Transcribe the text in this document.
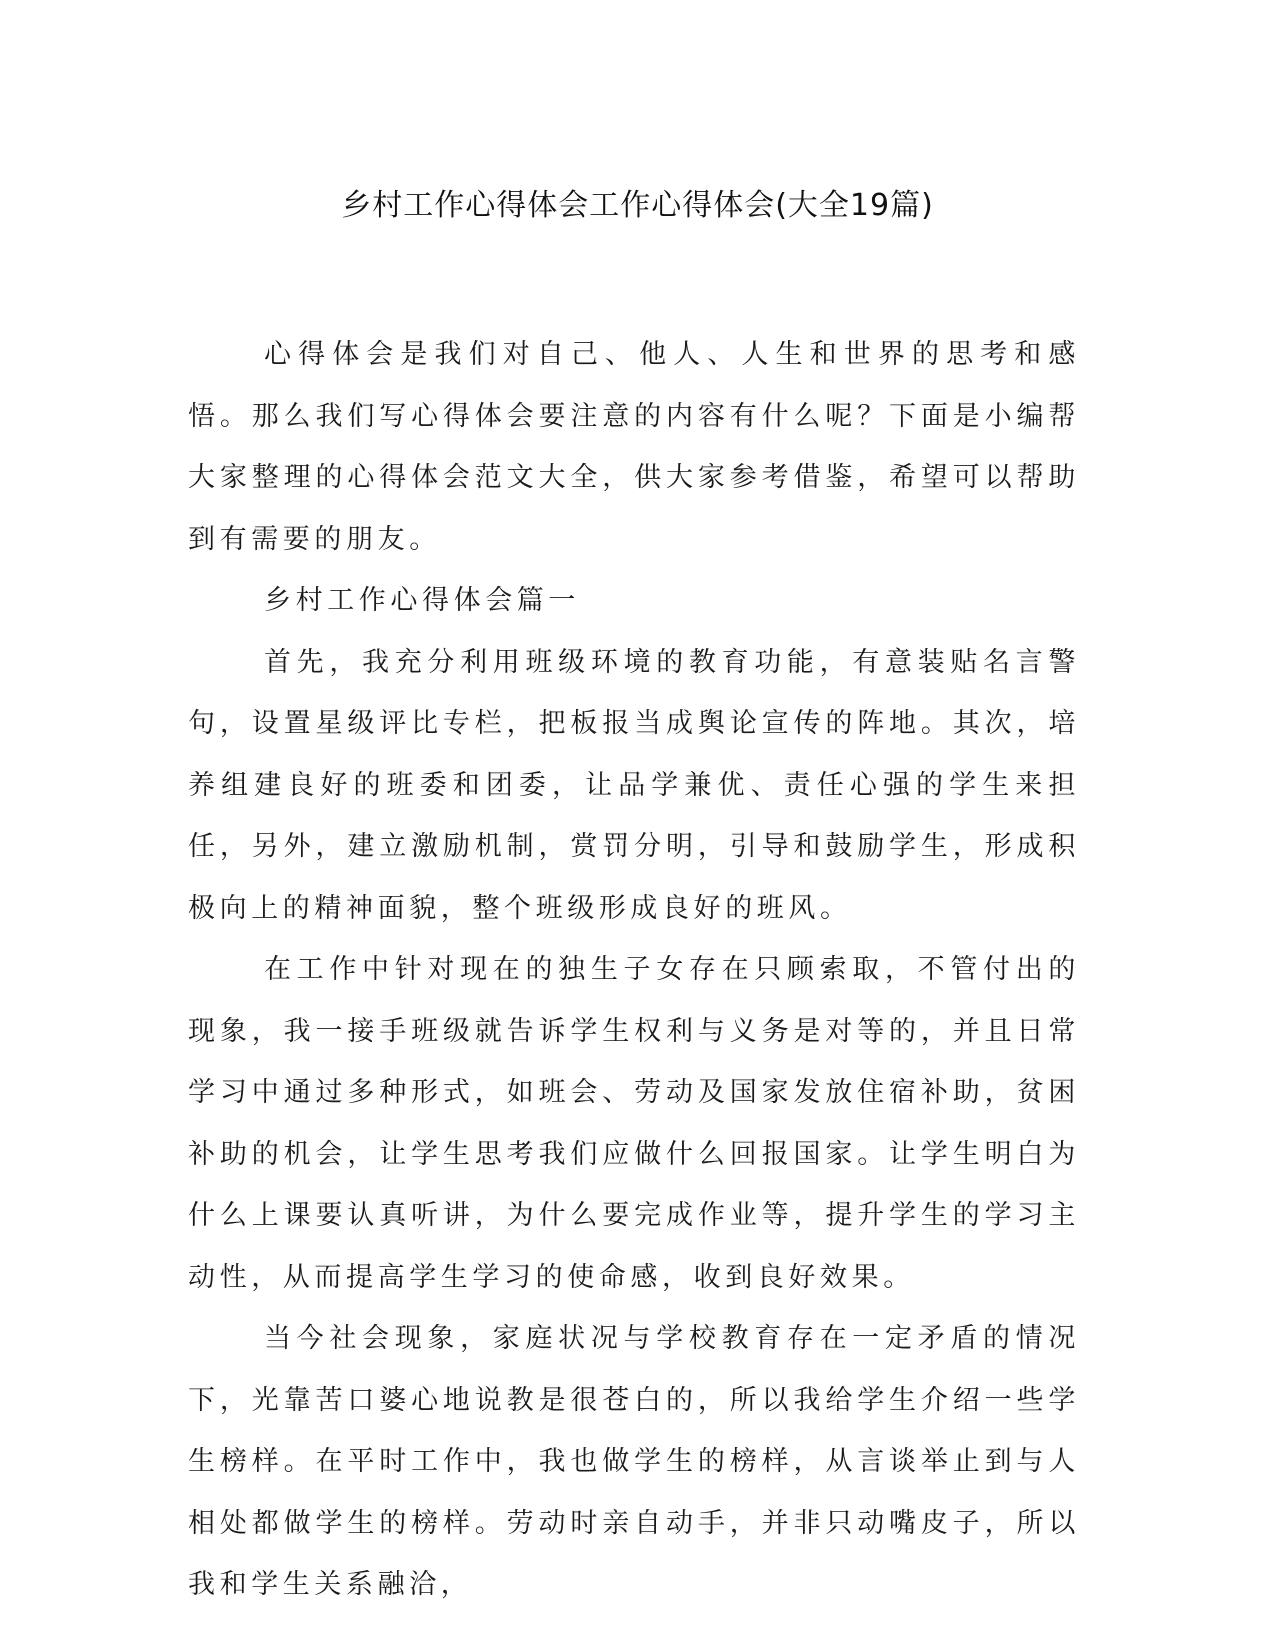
乡村工作心得体会工作心得体会(大全19篇)

心得体会是我们对自己、他人、人生和世界的思考和感悟。那么我们写心得体会要注意的内容有什么呢？下面是小编帮大家整理的心得体会范文大全，供大家参考借鉴，希望可以帮助到有需要的朋友。

乡村工作心得体会篇一

首先，我充分利用班级环境的教育功能，有意装贴名言警句，设置星级评比专栏，把板报当成舆论宣传的阵地。其次，培养组建良好的班委和团委，让品学兼优、责任心强的学生来担任，另外，建立激励机制，赏罚分明，引导和鼓励学生，形成积极向上的精神面貌，整个班级形成良好的班风。

在工作中针对现在的独生子女存在只顾索取，不管付出的现象，我一接手班级就告诉学生权利与义务是对等的，并且日常学习中通过多种形式，如班会、劳动及国家发放住宿补助，贫困补助的机会，让学生思考我们应做什么回报国家。让学生明白为什么上课要认真听讲，为什么要完成作业等，提升学生的学习主动性，从而提高学生学习的使命感，收到良好效果。

当今社会现象，家庭状况与学校教育存在一定矛盾的情况下，光靠苦口婆心地说教是很苍白的，所以我给学生介绍一些学生榜样。在平时工作中，我也做学生的榜样，从言谈举止到与人相处都做学生的榜样。劳动时亲自动手，并非只动嘴皮子，所以我和学生关系融洽，
